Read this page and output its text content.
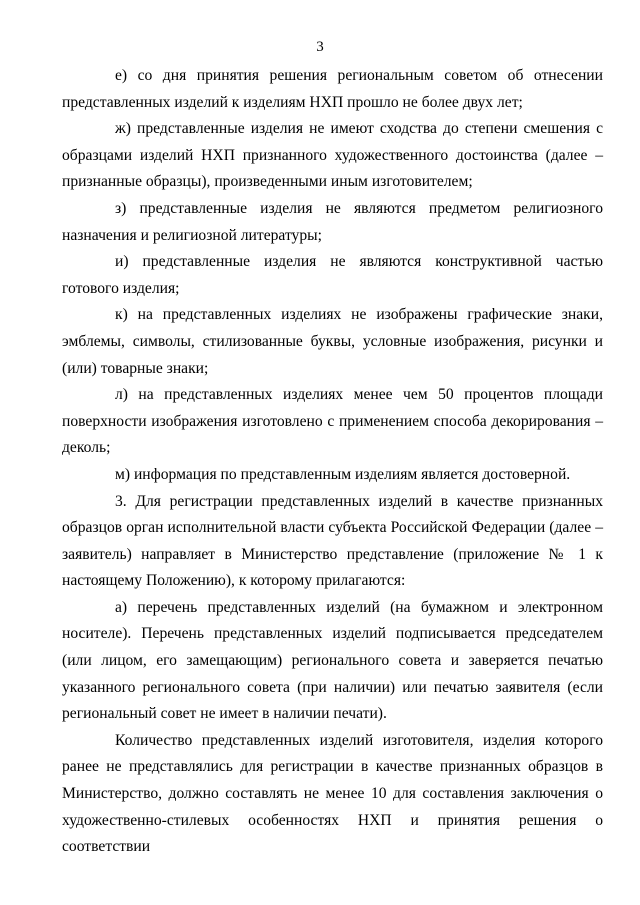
3

е) со дня принятия решения региональным советом об отнесении представленных изделий к изделиям НХП прошло не более двух лет;

ж) представленные изделия не имеют сходства до степени смешения с образцами изделий НХП признанного художественного достоинства (далее – признанные образцы), произведенными иным изготовителем;

з) представленные изделия не являются предметом религиозного назначения и религиозной литературы;

и) представленные изделия не являются конструктивной частью готового изделия;

к) на представленных изделиях не изображены графические знаки, эмблемы, символы, стилизованные буквы, условные изображения, рисунки и (или) товарные знаки;

л) на представленных изделиях менее чем 50 процентов площади поверхности изображения изготовлено с применением способа декорирования – деколь;

м) информация по представленным изделиям является достоверной.

3. Для регистрации представленных изделий в качестве признанных образцов орган исполнительной власти субъекта Российской Федерации (далее – заявитель) направляет в Министерство представление (приложение № 1 к настоящему Положению), к которому прилагаются:

а) перечень представленных изделий (на бумажном и электронном носителе). Перечень представленных изделий подписывается председателем (или лицом, его замещающим) регионального совета и заверяется печатью указанного регионального совета (при наличии) или печатью заявителя (если региональный совет не имеет в наличии печати).

Количество представленных изделий изготовителя, изделия которого ранее не представлялись для регистрации в качестве признанных образцов в Министерство, должно составлять не менее 10 для составления заключения о художественно-стилевых особенностях НХП и принятия решения о соответствии
